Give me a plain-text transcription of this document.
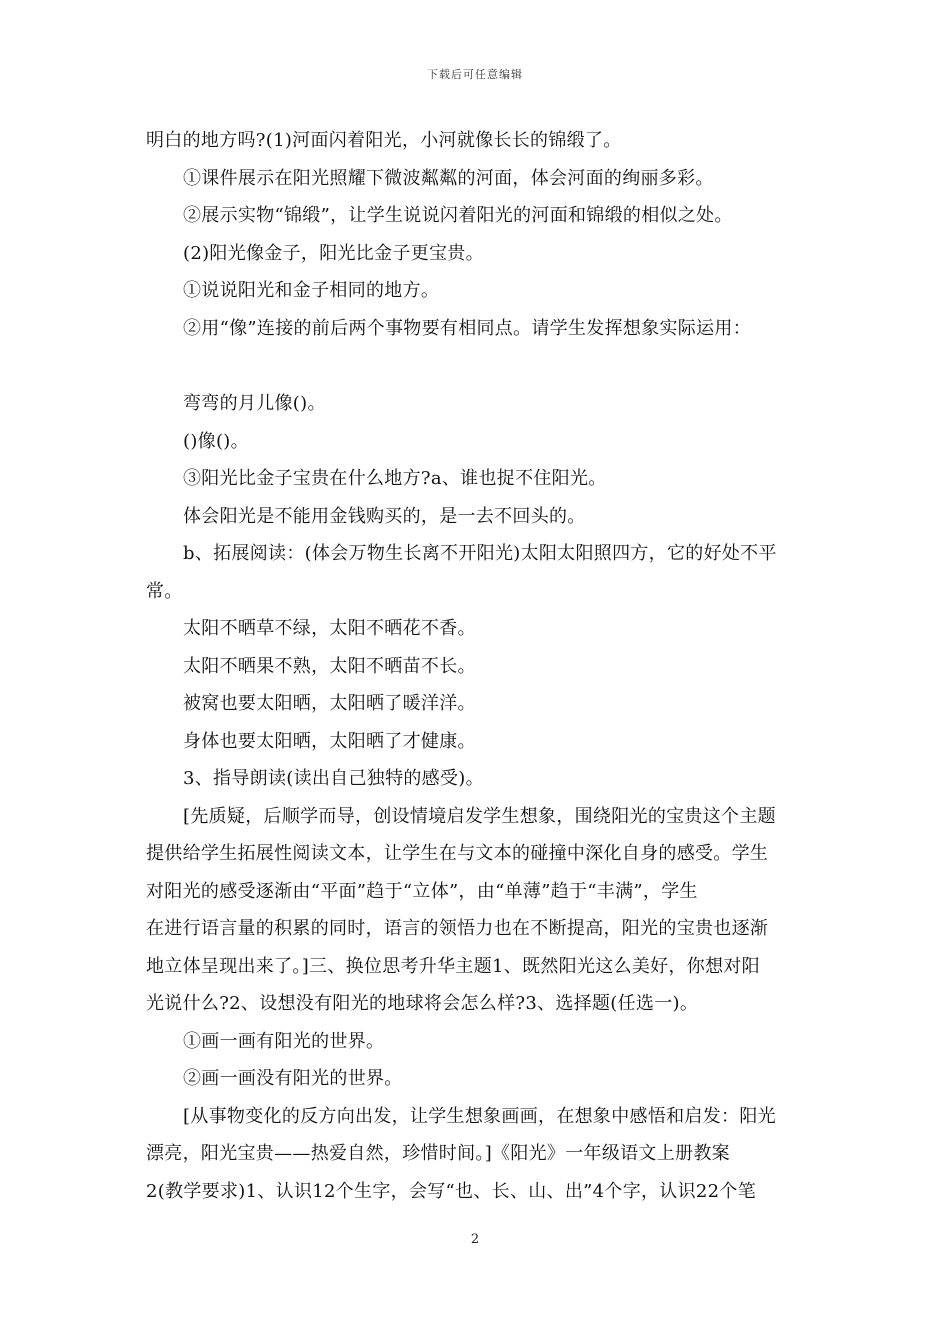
下载后可任意编辑
明白的地方吗?(1)河面闪着阳光，小河就像长长的锦缎了。
①课件展示在阳光照耀下微波粼粼的河面，体会河面的绚丽多彩。
②展示实物“锦缎”，让学生说说闪着阳光的河面和锦缎的相似之处。
(2)阳光像金子，阳光比金子更宝贵。
①说说阳光和金子相同的地方。
②用“像”连接的前后两个事物要有相同点。请学生发挥想象实际运用：
弯弯的月儿像()。
()像()。
③阳光比金子宝贵在什么地方?a、谁也捉不住阳光。
体会阳光是不能用金钱购买的，是一去不回头的。
b、拓展阅读：(体会万物生长离不开阳光)太阳太阳照四方，它的好处不平
常。
太阳不晒草不绿，太阳不晒花不香。
太阳不晒果不熟，太阳不晒苗不长。
被窝也要太阳晒，太阳晒了暖洋洋。
身体也要太阳晒，太阳晒了才健康。
3、指导朗读(读出自己独特的感受)。
[先质疑，后顺学而导，创设情境启发学生想象，围绕阳光的宝贵这个主题
提供给学生拓展性阅读文本，让学生在与文本的碰撞中深化自身的感受。学生
对阳光的感受逐渐由“平面”趋于“立体”，由“单薄”趋于“丰满”，学生
在进行语言量的积累的同时，语言的领悟力也在不断提高，阳光的宝贵也逐渐
地立体呈现出来了。]三、换位思考升华主题1、既然阳光这么美好，你想对阳
光说什么?2、设想没有阳光的地球将会怎么样?3、选择题(任选一)。
①画一画有阳光的世界。
②画一画没有阳光的世界。
[从事物变化的反方向出发，让学生想象画画，在想象中感悟和启发：阳光
漂亮，阳光宝贵——热爱自然，珍惜时间。]《阳光》一年级语文上册教案
2(教学要求)1、认识12个生字，会写“也、长、山、出”4个字，认识22个笔
2
